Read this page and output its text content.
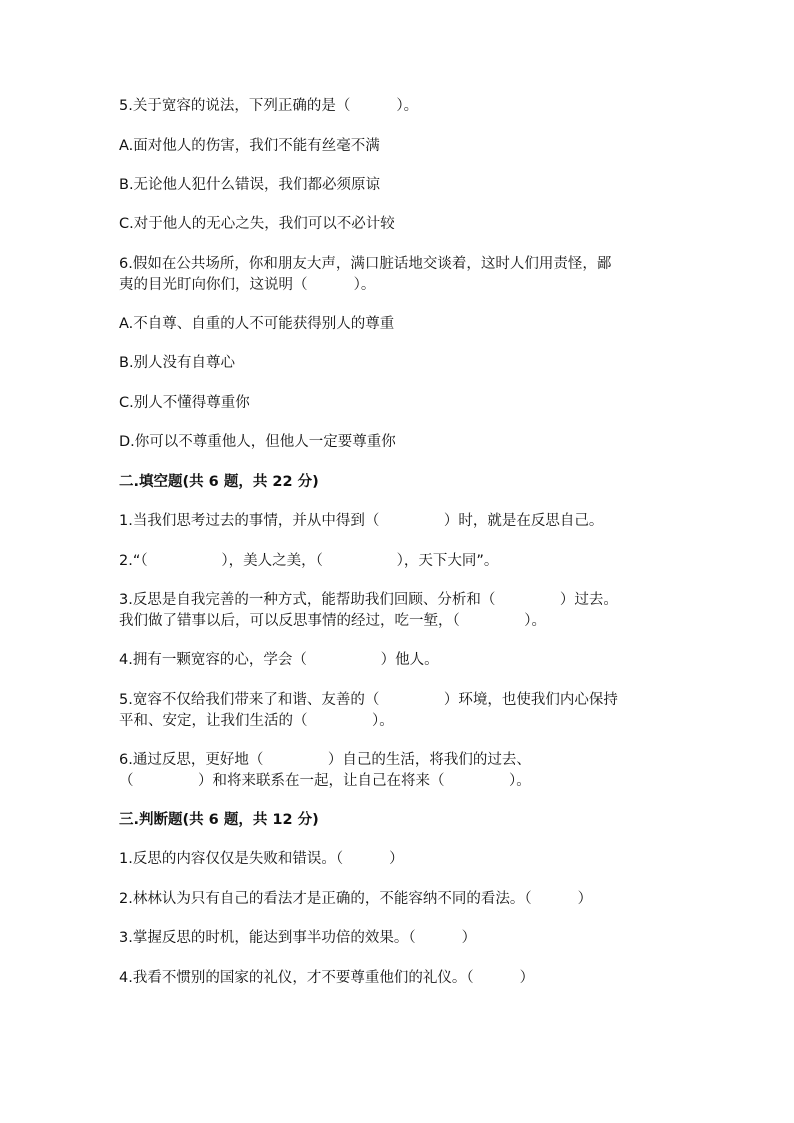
5.关于宽容的说法，下列正确的是（          ）。
A.面对他人的伤害，我们不能有丝毫不满
B.无论他人犯什么错误，我们都必须原谅
C.对于他人的无心之失，我们可以不必计较
6.假如在公共场所，你和朋友大声，满口脏话地交谈着，这时人们用责怪，鄙
夷的目光盯向你们，这说明（          ）。
A.不自尊、自重的人不可能获得别人的尊重
B.别人没有自尊心
C.别人不懂得尊重你
D.你可以不尊重他人，但他人一定要尊重你
二.填空题(共 6 题，共 22 分)
1.当我们思考过去的事情，并从中得到（              ）时，就是在反思自己。
2.“（                ），美人之美，（                ），天下大同”。
3.反思是自我完善的一种方式，能帮助我们回顾、分析和（              ）过去。
我们做了错事以后，可以反思事情的经过，吃一堑，（              ）。
4.拥有一颗宽容的心，学会（                ）他人。
5.宽容不仅给我们带来了和谐、友善的（              ）环境，也使我们内心保持
平和、安定，让我们生活的（              ）。
6.通过反思，更好地（              ）自己的生活，将我们的过去、
（              ）和将来联系在一起，让自己在将来（              ）。
三.判断题(共 6 题，共 12 分)
1.反思的内容仅仅是失败和错误。（          ）
2.林林认为只有自己的看法才是正确的，不能容纳不同的看法。（          ）
3.掌握反思的时机，能达到事半功倍的效果。（          ）
4.我看不惯别的国家的礼仪，才不要尊重他们的礼仪。（          ）
